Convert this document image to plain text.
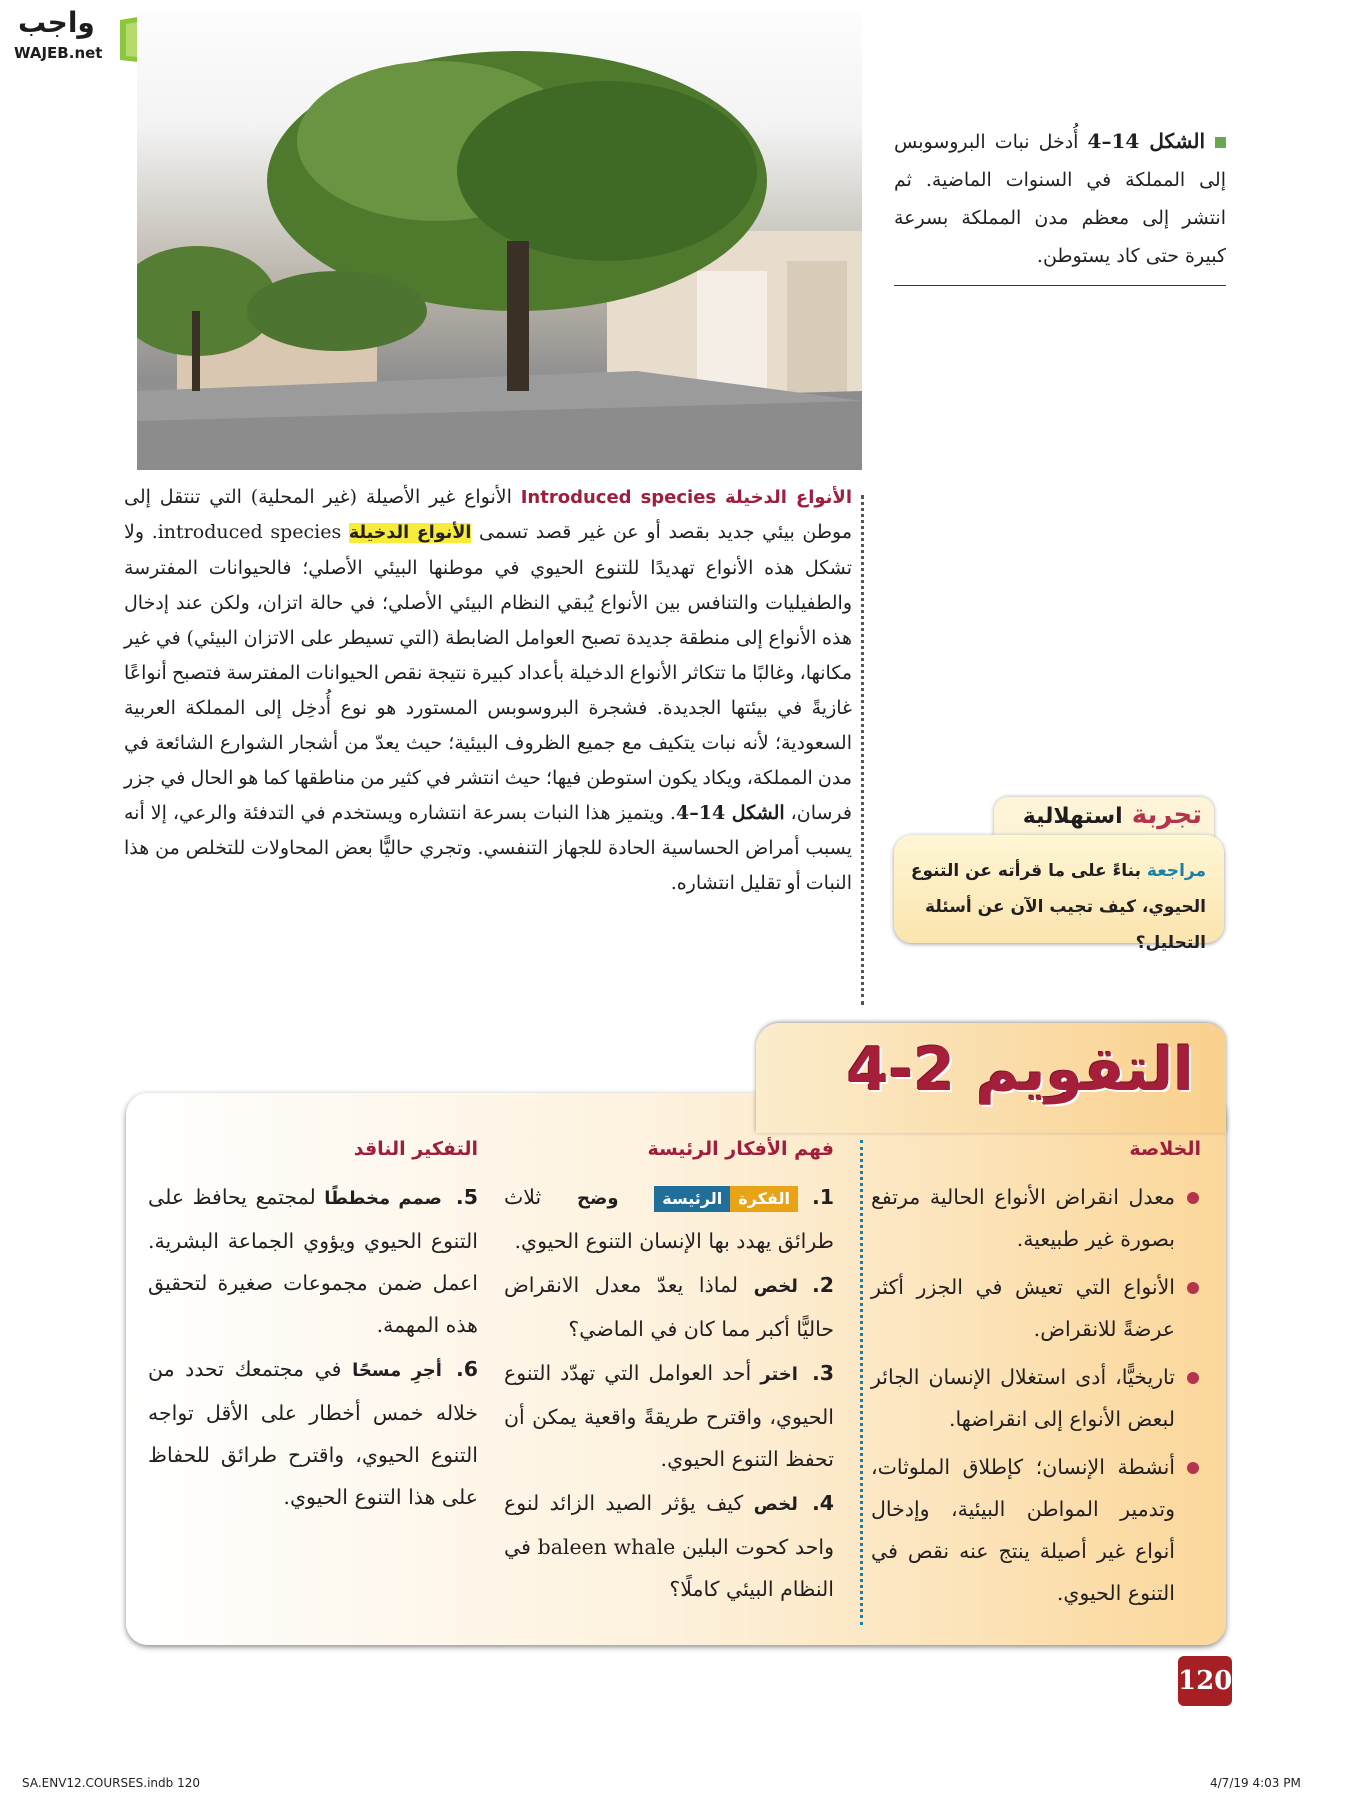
واجب
WAJEB.net
الشكل 14–4 أُدخل نبات البروسوبس إلى المملكة في السنوات الماضية. ثم انتشر إلى معظم مدن المملكة بسرعة كبيرة حتى كاد يستوطن.
الأنواع الدخيلة Introduced species الأنواع غير الأصيلة (غير المحلية) التي تنتقل إلى موطن بيئي جديد بقصد أو عن غير قصد تسمى الأنواع الدخيلة introduced species. ولا تشكل هذه الأنواع تهديدًا للتنوع الحيوي في موطنها البيئي الأصلي؛ فالحيوانات المفترسة والطفيليات والتنافس بين الأنواع يُبقي النظام البيئي الأصلي؛ في حالة اتزان، ولكن عند إدخال هذه الأنواع إلى منطقة جديدة تصبح العوامل الضابطة (التي تسيطر على الاتزان البيئي) في غير مكانها، وغالبًا ما تتكاثر الأنواع الدخيلة بأعداد كبيرة نتيجة نقص الحيوانات المفترسة فتصبح أنواعًا غازيةً في بيئتها الجديدة. فشجرة البروسوبس المستورد هو نوع أُدخِل إلى المملكة العربية السعودية؛ لأنه نبات يتكيف مع جميع الظروف البيئية؛ حيث يعدّ من أشجار الشوارع الشائعة في مدن المملكة، ويكاد يكون استوطن فيها؛ حيث انتشر في كثير من مناطقها كما هو الحال في جزر فرسان، الشكل 14–4. ويتميز هذا النبات بسرعة انتشاره ويستخدم في التدفئة والرعي، إلا أنه يسبب أمراض الحساسية الحادة للجهاز التنفسي. وتجري حاليًّا بعض المحاولات للتخلص من هذا النبات أو تقليل انتشاره.
تجربة استهلالية
مراجعة بناءً على ما قرأته عن التنوع الحيوي، كيف تجيب الآن عن أسئلة التحليل؟
التقويم 2-4
الخلاصة
معدل انقراض الأنواع الحالية مرتفع بصورة غير طبيعية.
الأنواع التي تعيش في الجزر أكثر عرضةً للانقراض.
تاريخيًّا، أدى استغلال الإنسان الجائر لبعض الأنواع إلى انقراضها.
أنشطة الإنسان؛ كإطلاق الملوثات، وتدمير المواطن البيئية، وإدخال أنواع غير أصيلة ينتج عنه نقص في التنوع الحيوي.
فهم الأفكار الرئيسة
1.الفكرةالرئيسة وضح ثلاث طرائق يهدد بها الإنسان التنوع الحيوي.
2.لخص لماذا يعدّ معدل الانقراض حاليًّا أكبر مما كان في الماضي؟
3.اختر أحد العوامل التي تهدّد التنوع الحيوي، واقترح طريقةً واقعية يمكن أن تحفظ التنوع الحيوي.
4.لخص كيف يؤثر الصيد الزائد لنوع واحد كحوت البلين baleen whale في النظام البيئي كاملًا؟
التفكير الناقد
5.صمم مخططًا لمجتمع يحافظ على التنوع الحيوي ويؤوي الجماعة البشرية. اعمل ضمن مجموعات صغيرة لتحقيق هذه المهمة.
6.أجرِ مسحًا في مجتمعك تحدد من خلاله خمس أخطار على الأقل تواجه التنوع الحيوي، واقترح طرائق للحفاظ على هذا التنوع الحيوي.
120
SA.ENV12.COURSES.indb 120	4/7/19 4:03 PM
